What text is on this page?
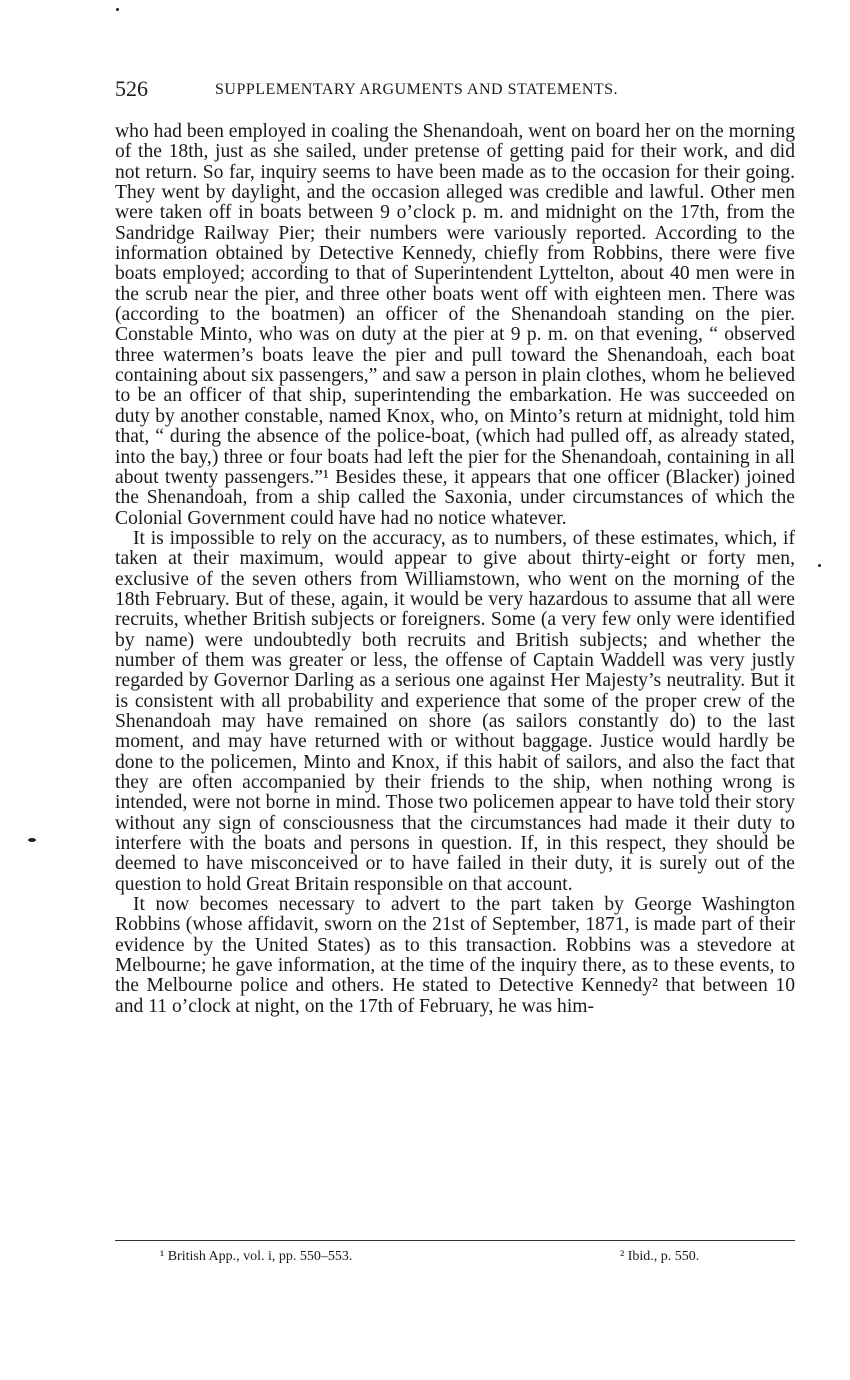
526	SUPPLEMENTARY ARGUMENTS AND STATEMENTS.

who had been employed in coaling the Shenandoah, went on board her on the morning of the 18th, just as she sailed, under pretense of getting paid for their work, and did not return. So far, inquiry seems to have been made as to the occasion for their going. They went by daylight, and the occasion alleged was credible and lawful. Other men were taken off in boats between 9 o’clock p. m. and midnight on the 17th, from the Sandridge Railway Pier; their numbers were variously reported. According to the information obtained by Detective Kennedy, chiefly from Robbins, there were five boats employed; according to that of Superintendent Lyttelton, about 40 men were in the scrub near the pier, and three other boats went off with eighteen men. There was (according to the boatmen) an officer of the Shenandoah standing on the pier. Constable Minto, who was on duty at the pier at 9 p. m. on that evening, “ observed three watermen’s boats leave the pier and pull toward the Shenandoah, each boat containing about six passengers,” and saw a person in plain clothes, whom he believed to be an officer of that ship, superintending the embarkation. He was succeeded on duty by another constable, named Knox, who, on Minto’s return at midnight, told him that, “ during the absence of the police-boat, (which had pulled off, as already stated, into the bay,) three or four boats had left the pier for the Shenandoah, containing in all about twenty passengers.”¹ Besides these, it appears that one officer (Blacker) joined the Shenandoah, from a ship called the Saxonia, under circumstances of which the Colonial Government could have had no notice whatever.

It is impossible to rely on the accuracy, as to numbers, of these estimates, which, if taken at their maximum, would appear to give about thirty-eight or forty men, exclusive of the seven others from Williamstown, who went on the morning of the 18th February. But of these, again, it would be very hazardous to assume that all were recruits, whether British subjects or foreigners. Some (a very few only were identified by name) were undoubtedly both recruits and British subjects; and whether the number of them was greater or less, the offense of Captain Waddell was very justly regarded by Governor Darling as a serious one against Her Majesty’s neutrality. But it is consistent with all probability and experience that some of the proper crew of the Shenandoah may have remained on shore (as sailors constantly do) to the last moment, and may have returned with or without baggage. Justice would hardly be done to the policemen, Minto and Knox, if this habit of sailors, and also the fact that they are often accompanied by their friends to the ship, when nothing wrong is intended, were not borne in mind. Those two policemen appear to have told their story without any sign of consciousness that the circumstances had made it their duty to interfere with the boats and persons in question. If, in this respect, they should be deemed to have misconceived or to have failed in their duty, it is surely out of the question to hold Great Britain responsible on that account.

It now becomes necessary to advert to the part taken by George Washington Robbins (whose affidavit, sworn on the 21st of September, 1871, is made part of their evidence by the United States) as to this transaction. Robbins was a stevedore at Melbourne; he gave information, at the time of the inquiry there, as to these events, to the Melbourne police and others. He stated to Detective Kennedy² that between 10 and 11 o’clock at night, on the 17th of February, he was him-

¹ British App., vol. i, pp. 550–553.	² Ibid., p. 550.
